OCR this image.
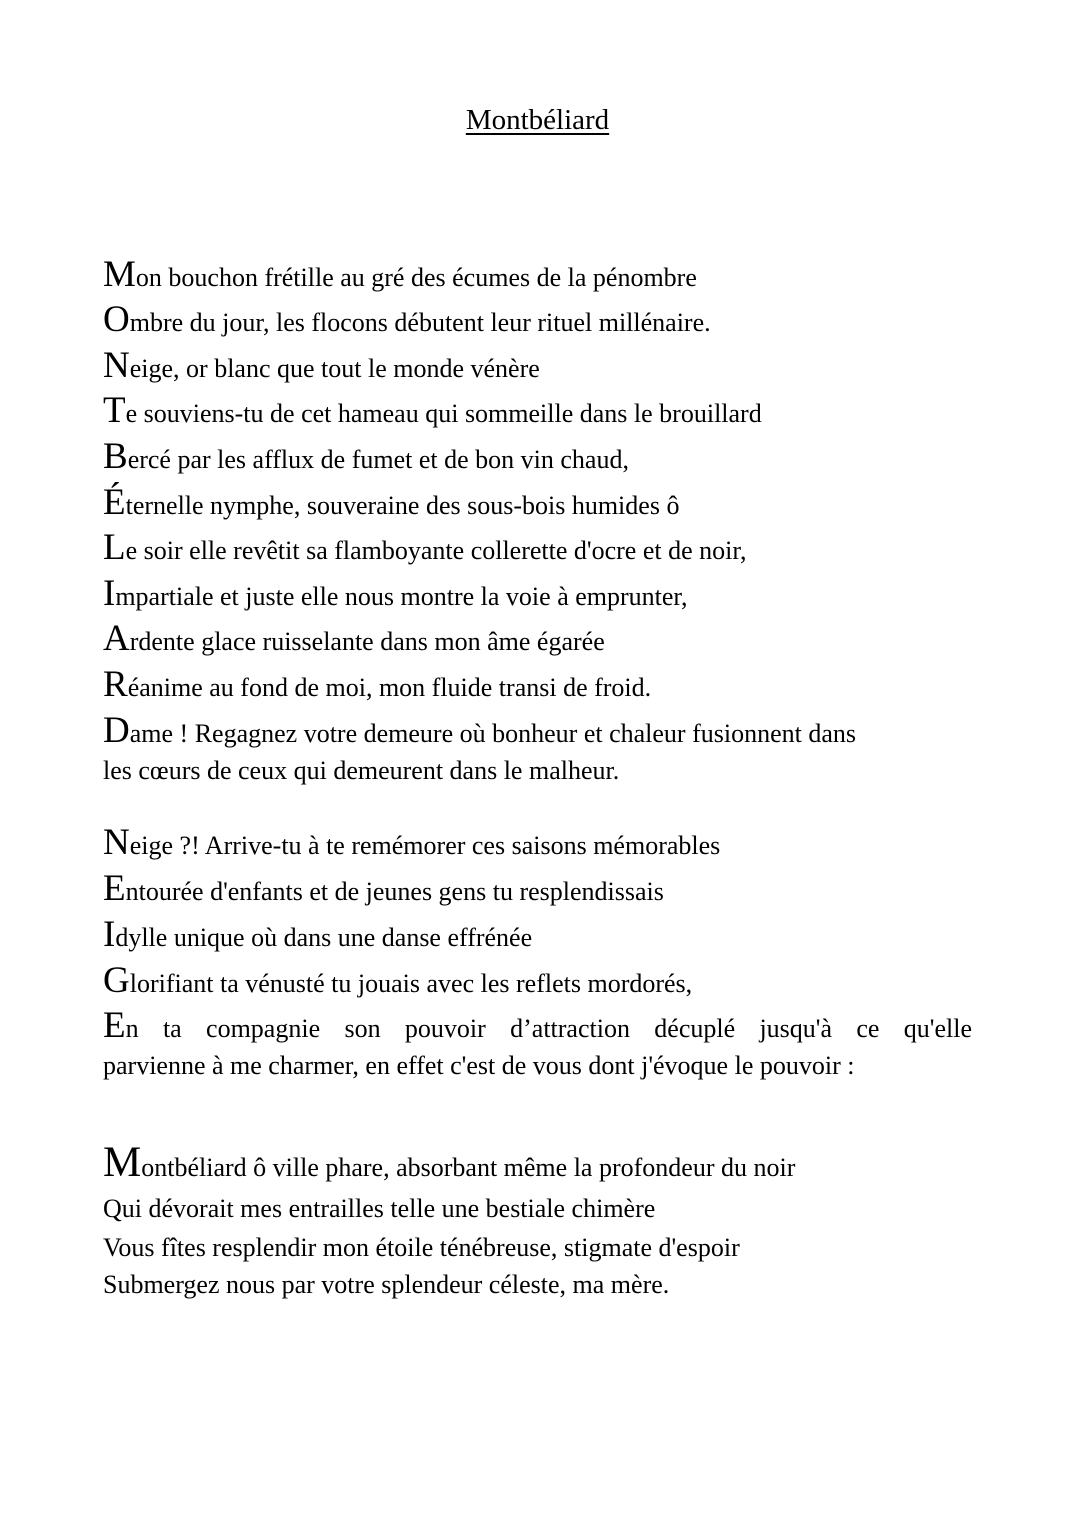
Montbéliard
Mon bouchon frétille au gré des écumes de la pénombre
Ombre du jour, les flocons débutent leur rituel millénaire.
Neige, or blanc que tout le monde vénère
Te souviens-tu de cet hameau qui sommeille dans le brouillard
Bercé par les afflux de fumet et de bon vin chaud,
Éternelle nymphe, souveraine des sous-bois humides ô
Le soir elle revêtit sa flamboyante collerette d'ocre et de noir,
Impartiale et juste elle nous montre la voie à emprunter,
Ardente glace ruisselante dans mon âme égarée
Réanime au fond de moi, mon fluide transi de froid.
Dame ! Regagnez votre demeure où bonheur et chaleur fusionnent dans
les cœurs de ceux qui demeurent dans le malheur.
Neige ?! Arrive-tu à te remémorer ces saisons mémorables
Entourée d'enfants et de jeunes gens tu resplendissais
Idylle unique où dans une danse effrénée
Glorifiant ta vénusté tu jouais avec les reflets mordorés,
En ta compagnie son pouvoir d’attraction décuplé jusqu'à ce qu'elle
parvienne à me charmer, en effet c'est de vous dont j'évoque le pouvoir :
Montbéliard ô ville phare, absorbant même la profondeur du noir
Qui dévorait mes entrailles telle une bestiale chimère
Vous fîtes resplendir mon étoile ténébreuse, stigmate d'espoir
Submergez nous par votre splendeur céleste, ma mère.
